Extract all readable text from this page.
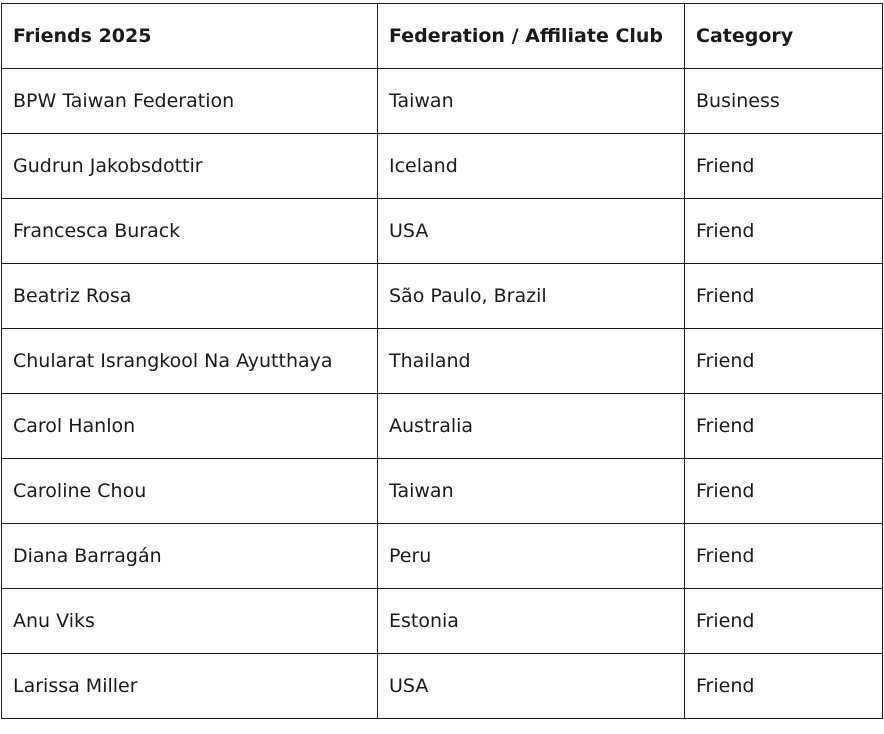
Friends 2025	Federation / Affiliate Club	Category
BPW Taiwan Federation	Taiwan	Business
Gudrun Jakobsdottir	Iceland	Friend
Francesca Burack	USA	Friend
Beatriz Rosa	São Paulo, Brazil	Friend
Chularat Israngkool Na Ayutthaya	Thailand	Friend
Carol Hanlon	Australia	Friend
Caroline Chou	Taiwan	Friend
Diana Barragán	Peru	Friend
Anu Viks	Estonia	Friend
Larissa Miller	USA	Friend
